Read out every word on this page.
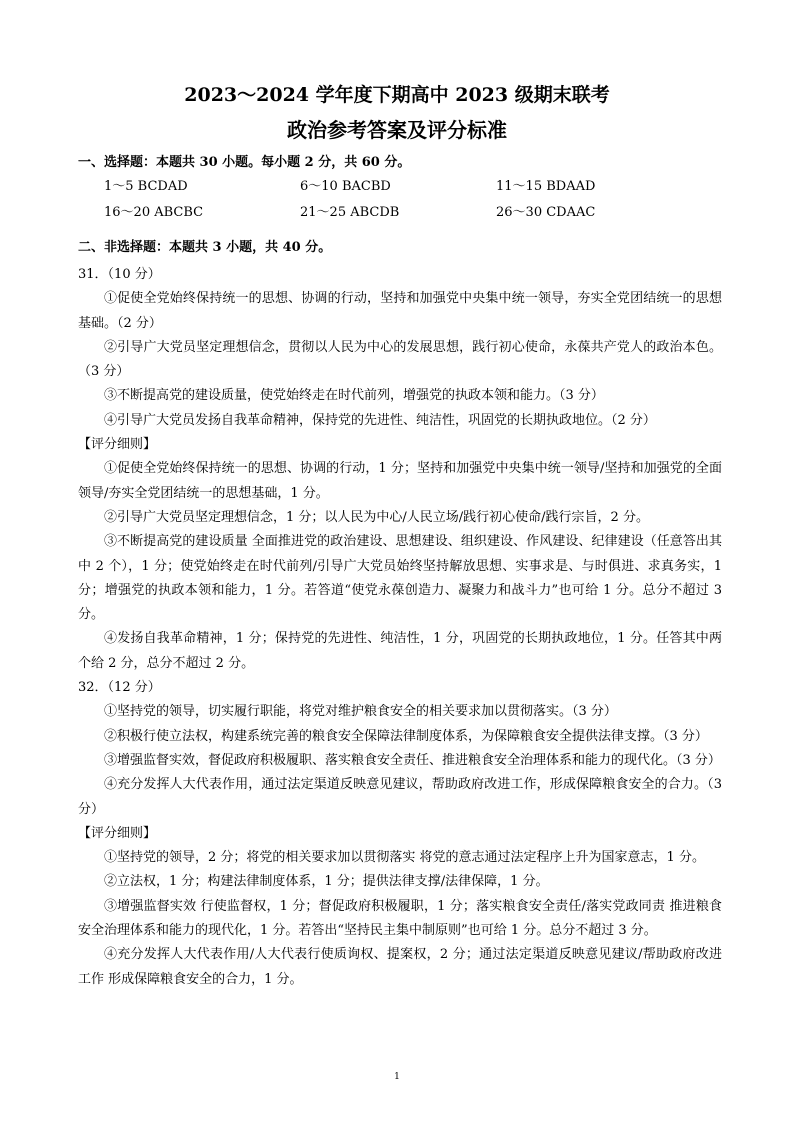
2023～2024 学年度下期高中 2023 级期末联考
政治参考答案及评分标准
一、选择题：本题共 30 小题。每小题 2 分，共 60 分。
1～5 BCDAD	6～10 BACBD	11～15 BDAAD
16～20 ABCBC	21～25 ABCDB	26～30 CDAAC
二、非选择题：本题共 3 小题，共 40 分。

31．（10 分）

①促使全党始终保持统一的思想、协调的行动，坚持和加强党中央集中统一领导，夯实全党团结统一的思想基础。（2 分）

②引导广大党员坚定理想信念，贯彻以人民为中心的发展思想，践行初心使命，永葆共产党人的政治本色。（3 分）

③不断提高党的建设质量，使党始终走在时代前列，增强党的执政本领和能力。（3 分）

④引导广大党员发扬自我革命精神，保持党的先进性、纯洁性，巩固党的长期执政地位。（2 分）

【评分细则】

①促使全党始终保持统一的思想、协调的行动，1 分；坚持和加强党中央集中统一领导/坚持和加强党的全面领导/夯实全党团结统一的思想基础，1 分。

②引导广大党员坚定理想信念，1 分；以人民为中心/人民立场/践行初心使命/践行宗旨，2 分。

③不断提高党的建设质量 全面推进党的政治建设、思想建设、组织建设、作风建设、纪律建设（任意答出其中 2 个），1 分；使党始终走在时代前列/引导广大党员始终坚持解放思想、实事求是、与时俱进、求真务实，1 分；增强党的执政本领和能力，1 分。若答道“使党永葆创造力、凝聚力和战斗力”也可给 1 分。总分不超过 3 分。

④发扬自我革命精神，1 分；保持党的先进性、纯洁性，1 分，巩固党的长期执政地位，1 分。任答其中两个给 2 分，总分不超过 2 分。

32．（12 分）

①坚持党的领导，切实履行职能，将党对维护粮食安全的相关要求加以贯彻落实。（3 分）

②积极行使立法权，构建系统完善的粮食安全保障法律制度体系，为保障粮食安全提供法律支撑。（3 分）

③增强监督实效，督促政府积极履职、落实粮食安全责任、推进粮食安全治理体系和能力的现代化。（3 分）

④充分发挥人大代表作用，通过法定渠道反映意见建议，帮助政府改进工作，形成保障粮食安全的合力。（3 分）

【评分细则】

①坚持党的领导，2 分；将党的相关要求加以贯彻落实 将党的意志通过法定程序上升为国家意志，1 分。

②立法权，1 分；构建法律制度体系，1 分；提供法律支撑/法律保障，1 分。

③增强监督实效 行使监督权，1 分；督促政府积极履职，1 分；落实粮食安全责任/落实党政同责 推进粮食安全治理体系和能力的现代化，1 分。若答出“坚持民主集中制原则”也可给 1 分。总分不超过 3 分。

④充分发挥人大代表作用/人大代表行使质询权、提案权，2 分；通过法定渠道反映意见建议/帮助政府改进工作 形成保障粮食安全的合力，1 分。

1
